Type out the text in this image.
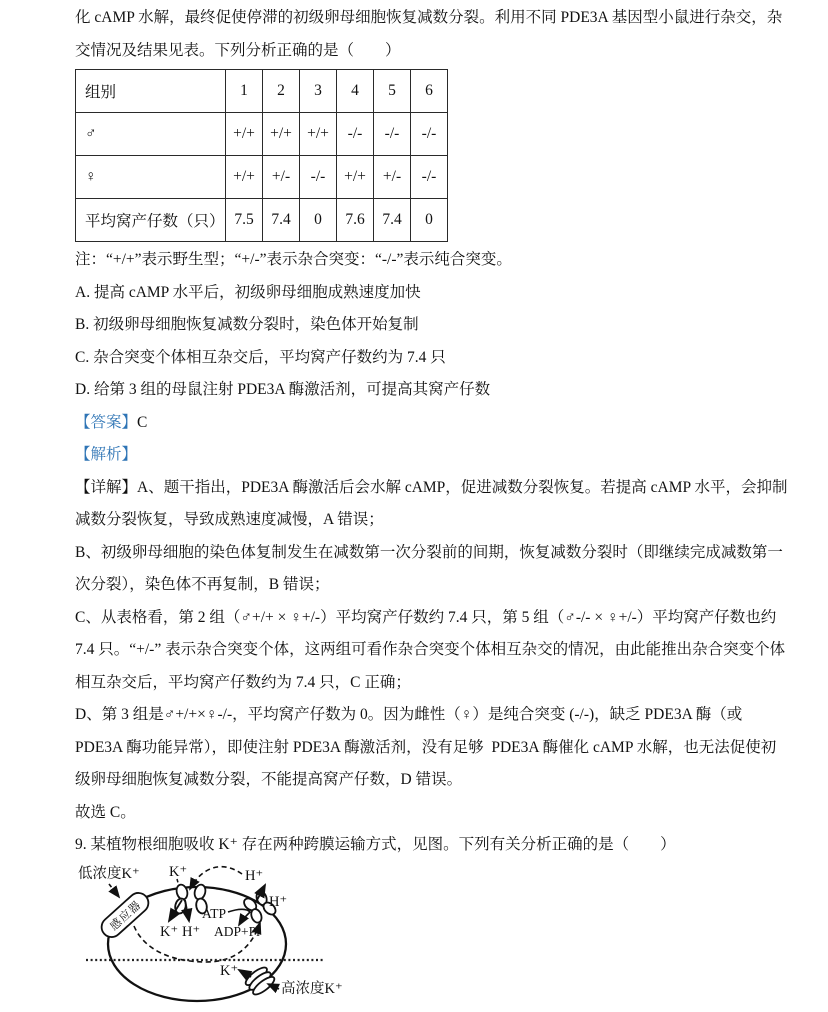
化 cAMP 水解，最终促使停滞的初级卵母细胞恢复减数分裂。利用不同 PDE3A 基因型小鼠进行杂交，杂
交情况及结果见表。下列分析正确的是（　　）
组别	1	2	3	4	5	6
♂	+/+	+/+	+/+	-/-	-/-	-/-
♀	+/+	+/-	-/-	+/+	+/-	-/-
平均窝产仔数（只）	7.5	7.4	0	7.6	7.4	0
注：“+/+”表示野生型；“+/-”表示杂合突变：“-/-”表示纯合突变。
A. 提高 cAMP 水平后，初级卵母细胞成熟速度加快
B. 初级卵母细胞恢复减数分裂时，染色体开始复制
C. 杂合突变个体相互杂交后，平均窝产仔数约为 7.4 只
D. 给第 3 组的母鼠注射 PDE3A 酶激活剂，可提高其窝产仔数
【答案】C
【解析】
【详解】A、题干指出，PDE3A 酶激活后会水解 cAMP，促进减数分裂恢复。若提高 cAMP 水平，会抑制
减数分裂恢复，导致成熟速度减慢，A 错误；
B、初级卵母细胞的染色体复制发生在减数第一次分裂前的间期，恢复减数分裂时（即继续完成减数第一
次分裂），染色体不再复制，B 错误；
C、从表格看，第 2 组（♂+/+ × ♀+/-）平均窝产仔数约 7.4 只，第 5 组（♂-/- × ♀+/-）平均窝产仔数也约
7.4 只。“+/-” 表示杂合突变个体，这两组可看作杂合突变个体相互杂交的情况，由此能推出杂合突变个体
相互杂交后，平均窝产仔数约为 7.4 只，C 正确；
D、第 3 组是♂+/+×♀-/-，平均窝产仔数为 0。因为雌性（♀）是纯合突变 (-/-)，缺乏 PDE3A 酶（或
PDE3A 酶功能异常），即使注射 PDE3A 酶激活剂，没有足够  PDE3A 酶催化 cAMP 水解，也无法促使初
级卵母细胞恢复减数分裂，不能提高窝产仔数，D 错误。
故选 C。
9. 某植物根细胞吸收 K⁺ 存在两种跨膜运输方式，见图。下列有关分析正确的是（　　）
感应器
K⁺
K⁺ H⁺
H⁺
H⁺
ATP
ADP+Pi
K⁺
高浓度K⁺
低浓度K⁺
